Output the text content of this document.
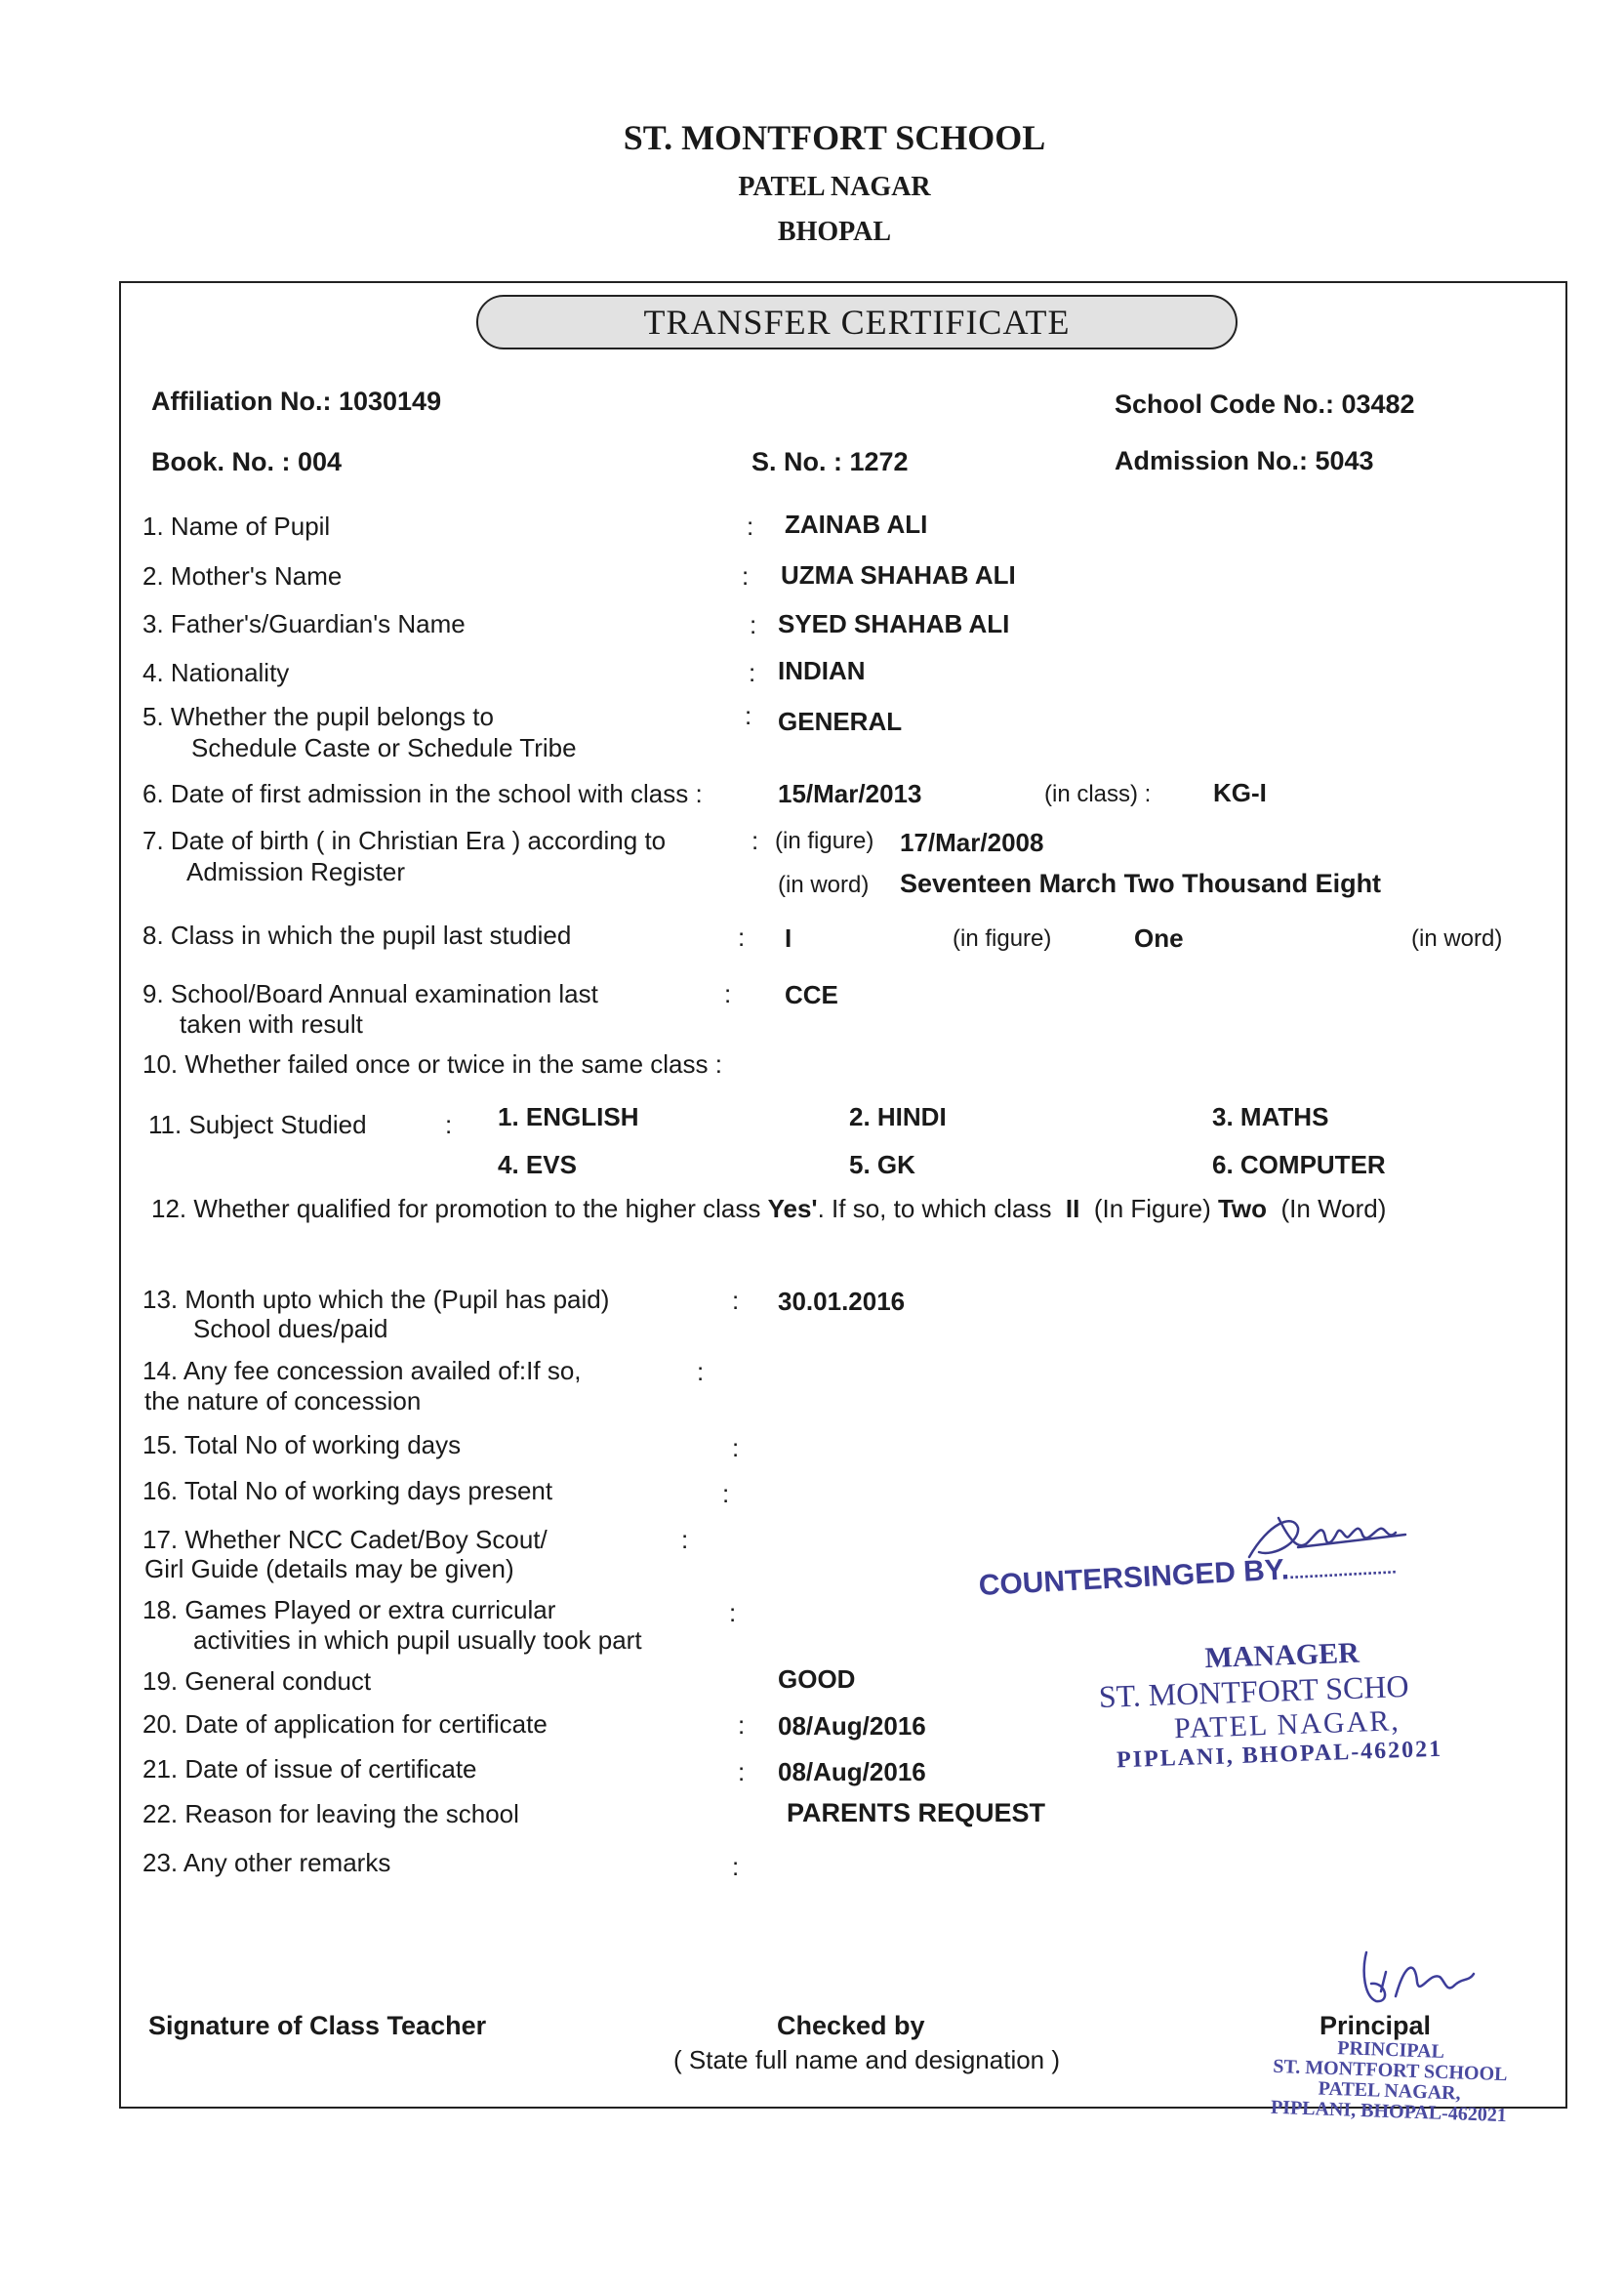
ST. MONTFORT SCHOOL
PATEL NAGAR
BHOPAL
TRANSFER CERTIFICATE
Affiliation No.: 1030149	School Code No.: 03482
Book. No. : 004	S. No. : 1272	Admission No.: 5043
1. Name of Pupil	: ZAINAB ALI
2. Mother's Name	: UZMA SHAHAB ALI
3. Father's/Guardian's Name	: SYED SHAHAB ALI
4. Nationality	: INDIAN
5. Whether the pupil belongs to
Schedule Caste or Schedule Tribe
: GENERAL
6. Date of first admission in the school with class :	15/Mar/2013	(in class) : KG-I
7. Date of birth ( in Christian Era ) according to
Admission Register
: (in figure) 17/Mar/2008
(in word) Seventeen March Two Thousand Eight
8. Class in which the pupil last studied	: I	(in figure)	One	(in word)
9. School/Board Annual examination last
taken with result
: CCE
10. Whether failed once or twice in the same class :
11. Subject Studied	: 1. ENGLISH	2. HINDI	3. MATHS
4. EVS	5. GK	6. COMPUTER
12. Whether qualified for promotion to the higher class Yes'. If so, to which class II (In Figure) Two (In Word)
13. Month upto which the (Pupil has paid)
School dues/paid
: 30.01.2016
14. Any fee concession availed of:If so,
the nature of concession
:
15. Total No of working days	:
16. Total No of working days present	:
17. Whether NCC Cadet/Boy Scout/
Girl Guide (details may be given)
:
18. Games Played or extra curricular
activities in which pupil usually took part
:
19. General conduct	GOOD
20. Date of application for certificate	: 08/Aug/2016
21. Date of issue of certificate	: 08/Aug/2016
22. Reason for leaving the school	PARENTS REQUEST
23. Any other remarks	:
COUNTERSINGED BY.......................
MANAGER
ST. MONTFORT SCHO
PATEL NAGAR,
PIPLANI, BHOPAL-462021
Signature of Class Teacher	Checked by
( State full name and designation )
Principal
PRINCIPAL
ST. MONTFORT SCHOOL
PATEL NAGAR,
PIPLANI, BHOPAL-462021
